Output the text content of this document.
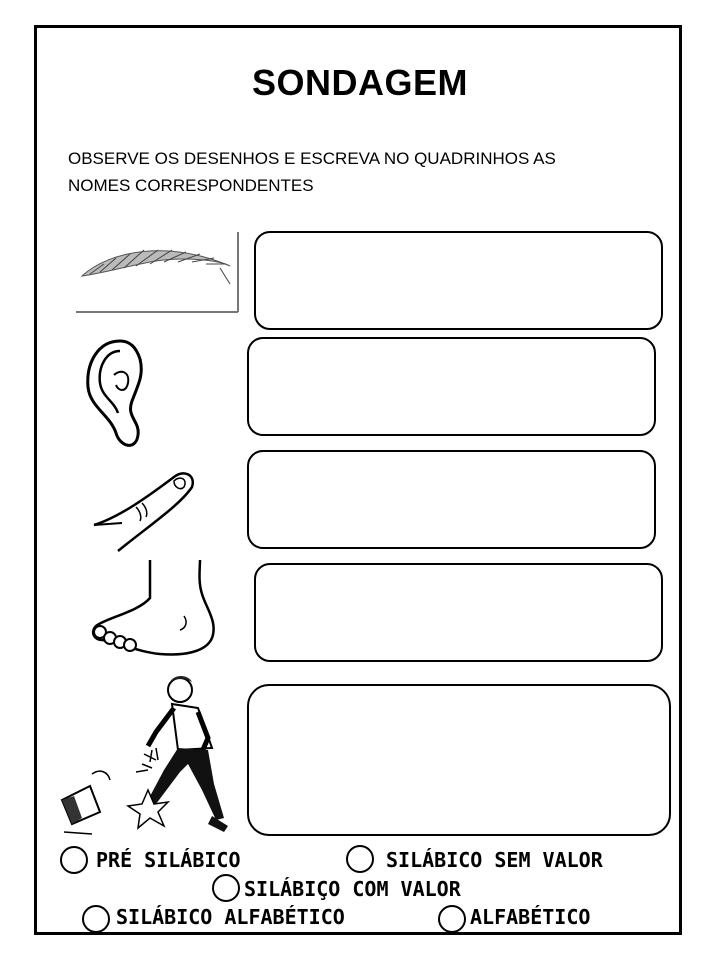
SONDAGEM
OBSERVE OS DESENHOS E ESCREVA NO QUADRINHOS AS
NOMES CORRESPONDENTES
PRÉ SILÁBICO	SILÁBICO SEM VALOR
SILÁBIÇO COM VALOR
SILÁBICO ALFABÉTICO	ALFABÉTICO
